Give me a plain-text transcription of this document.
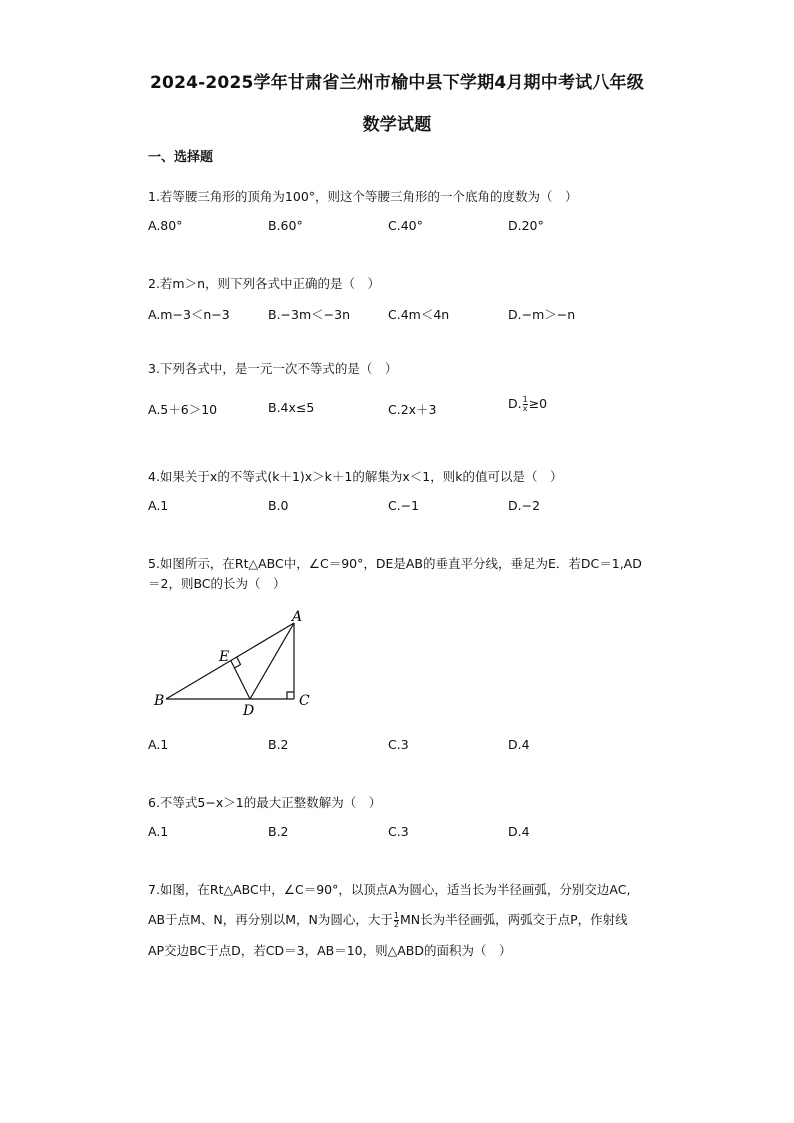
2024-2025学年甘肃省兰州市榆中县下学期4月期中考试八年级
数学试题
一、选择题
1.若等腰三角形的顶角为100°，则这个等腰三角形的一个底角的度数为（　）
A.80°	B.60°	C.40°	D.20°
2.若m＞n，则下列各式中正确的是（　）
A.m−3＜n−3	B.−3m＜−3n	C.4m＜4n	D.−m＞−n
3.下列各式中，是一元一次不等式的是（　）
A.5＋6＞10	B.4x≤5	C.2x＋3	D. $\frac{1}{x} \ge 0$
4.如果关于x的不等式(k＋1)x＞k＋1的解集为x＜1，则k的值可以是（　）
A.1	B.0	C.−1	D.−2
5.如图所示，在Rt△ABC中，∠C＝90°，DE是AB的垂直平分线，垂足为E．若DC＝1,AD
＝2，则BC的长为（　）
A
E
B
D
C
A.1	B.2	C.3	D.4
6.不等式5−x＞1的最大正整数解为（　）
A.1	B.2	C.3	D.4
7.如图，在Rt△ABC中，∠C＝90°，以顶点A为圆心，适当长为半径画弧，分别交边AC,
AB于点M、N，再分别以M，N为圆心，大于 $\frac{1}{2}$ MN长为半径画弧，两弧交于点P，作射线
AP交边BC于点D，若CD＝3，AB＝10，则△ABD的面积为（　）
